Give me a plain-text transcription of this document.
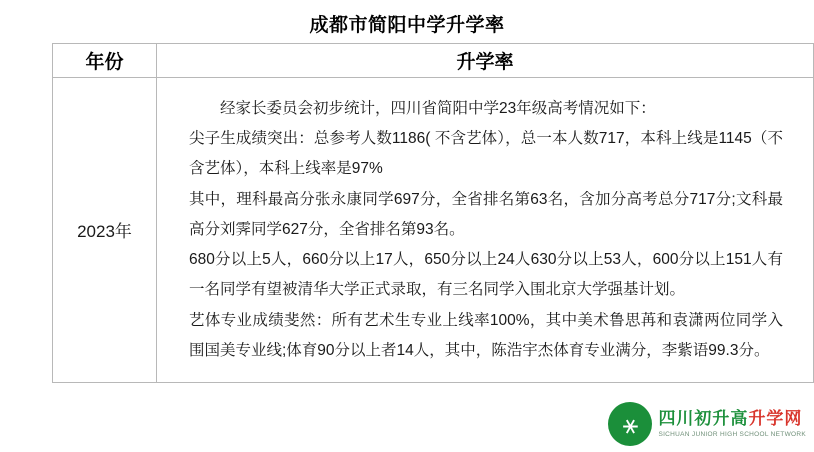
成都市简阳中学升学率
年份	升学率
2023年	经家长委员会初步统计，四川省简阳中学23年级高考情况如下：

尖子生成绩突出：总参考人数1186( 不含艺体），总一本人数717，本科上线是1145（不含艺体），本科上线率是97%

其中，理科最高分张永康同学697分，全省排名第63名，含加分高考总分717分;文科最高分刘霁同学627分，全省排名第93名。

680分以上5人，660分以上17人，650分以上24人630分以上53人，600分以上151人有一名同学有望被清华大学正式录取，有三名同学入围北京大学强基计划。

艺体专业成绩斐然：所有艺术生专业上线率100%，其中美术鲁思苒和袁潇两位同学入围国美专业线;体育90分以上者14人，其中，陈浩宇杰体育专业满分，李紫语99.3分。

⚹	四川初升高升学网
SICHUAN JUNIOR HIGH SCHOOL NETWORK
